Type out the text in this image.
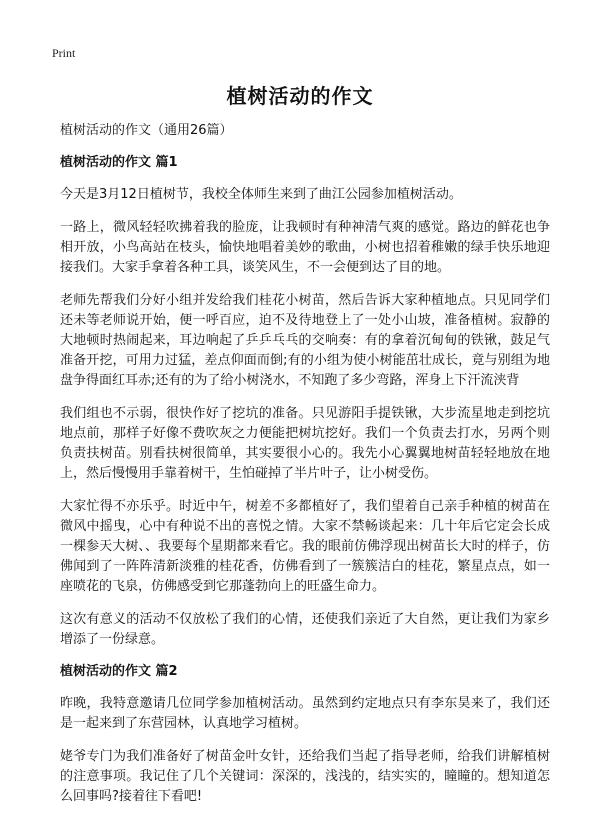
Print
植树活动的作文
植树活动的作文（通用26篇）
植树活动的作文 篇1

今天是3月12日植树节，我校全体师生来到了曲江公园参加植树活动。

一路上，微风轻轻吹拂着我的脸庞，让我顿时有种神清气爽的感觉。路边的鲜花也争相开放，小鸟高站在枝头，愉快地唱着美妙的歌曲，小树也招着稚嫩的绿手快乐地迎接我们。大家手拿着各种工具，谈笑风生，不一会便到达了目的地。

老师先帮我们分好小组并发给我们桂花小树苗，然后告诉大家种植地点。只见同学们还未等老师说开始，便一呼百应，迫不及待地登上了一处小山坡，准备植树。寂静的大地顿时热闹起来，耳边响起了乒乒乓乓的交响奏：有的拿着沉甸甸的铁锹，鼓足气准备开挖，可用力过猛，差点仰面而倒;有的小组为使小树能茁壮成长，竟与别组为地盘争得面红耳赤;还有的为了给小树浇水，不知跑了多少弯路，浑身上下汗流浃背

我们组也不示弱，很快作好了挖坑的准备。只见游阳手提铁锹，大步流星地走到挖坑地点前，那样子好像不费吹灰之力便能把树坑挖好。我们一个负责去打水，另两个则负责扶树苗。别看扶树很简单，其实要很小心的。我先小心翼翼地树苗轻轻地放在地上，然后慢慢用手靠着树干，生怕碰掉了半片叶子，让小树受伤。

大家忙得不亦乐乎。时近中午，树差不多都植好了，我们望着自己亲手种植的树苗在微风中摇曳，心中有种说不出的喜悦之情。大家不禁畅谈起来：几十年后它定会长成一棵参天大树、、我要每个星期都来看它。我的眼前仿佛浮现出树苗长大时的样子，仿佛闻到了一阵阵清新淡雅的桂花香，仿佛看到了一簇簇洁白的桂花，繁星点点，如一座喷花的飞泉，仿佛感受到它那蓬勃向上的旺盛生命力。

这次有意义的活动不仅放松了我们的心情，还使我们亲近了大自然，更让我们为家乡增添了一份绿意。

植树活动的作文 篇2

昨晚，我特意邀请几位同学参加植树活动。虽然到约定地点只有李东昊来了，我们还是一起来到了东营园林，认真地学习植树。

姥爷专门为我们准备好了树苗金叶女针，还给我们当起了指导老师，给我们讲解植树的注意事项。我记住了几个关键词：深深的，浅浅的，结实实的，瞳瞳的。想知道怎么回事吗?接着往下看吧!
